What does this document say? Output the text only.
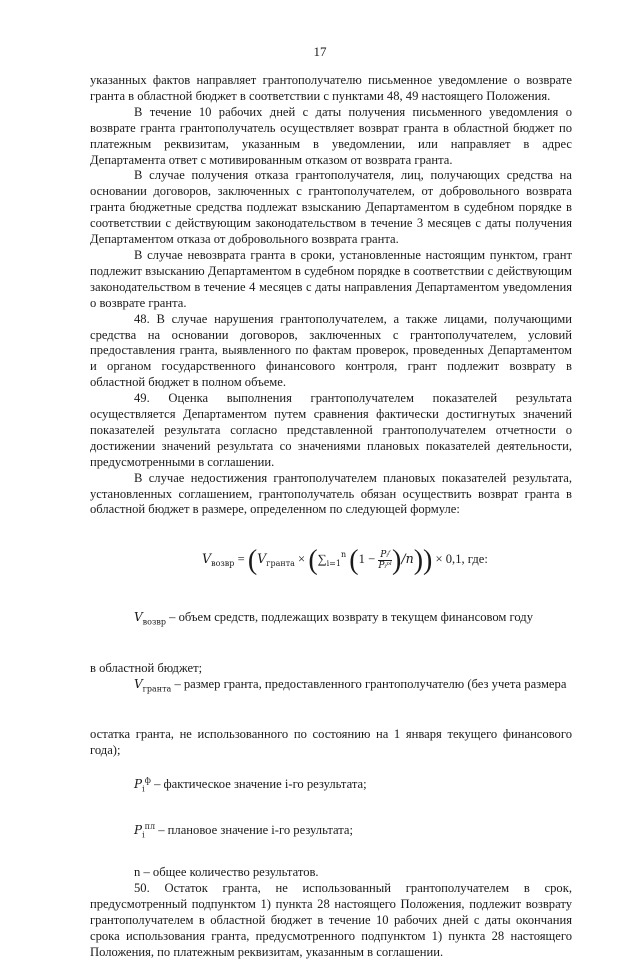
17

указанных фактов направляет грантополучателю письменное уведомление о возврате гранта в областной бюджет в соответствии с пунктами 48, 49 настоящего Положения.

В течение 10 рабочих дней с даты получения письменного уведомления о возврате гранта грантополучатель осуществляет возврат гранта в областной бюджет по платежным реквизитам, указанным в уведомлении, или направляет в адрес Департамента ответ с мотивированным отказом от возврата гранта.

В случае получения отказа грантополучателя, лиц, получающих средства на основании договоров, заключенных с грантополучателем, от добровольного возврата гранта бюджетные средства подлежат взысканию Департаментом в судебном порядке в соответствии с действующим законодательством в течение 3 месяцев с даты получения Департаментом отказа от добровольного возврата гранта.

В случае невозврата гранта в сроки, установленные настоящим пунктом, грант подлежит взысканию Департаментом в судебном порядке в соответствии с действующим законодательством в течение 4 месяцев с даты направления Департаментом уведомления о возврате гранта.

48. В случае нарушения грантополучателем, а также лицами, получающими средства на основании договоров, заключенных с грантополучателем, условий предоставления гранта, выявленного по фактам проверок, проведенных Департаментом и органом государственного финансового контроля, грант подлежит возврату в областной бюджет в полном объеме.

49. Оценка выполнения грантополучателем показателей результата осуществляется Департаментом путем сравнения фактически достигнутых значений показателей результата согласно представленной грантополучателем отчетности о достижении значений результата со значениями плановых показателей деятельности, предусмотренными в соглашении.

В случае недостижения грантополучателем плановых показателей результата, установленных соглашением, грантополучатель обязан осуществить возврат гранта в областной бюджет в размере, определенном по следующей формуле:

$V_{возвр} = (V_{гранта} \times (\sum_{i=1}^n$ $(1 - \frac{\text{Pᵢᶠ}}{\text{Pᵢᵖˡ}} )/n)) \times 0,1$, где:

$V_{возвр}$ – объем средств, подлежащих возврату в текущем финансовом году

в областной бюджет;

$V_{гранта}$ – размер гранта, предоставленного грантополучателю (без учета размера

остатка гранта, не использованного по состоянию на 1 января текущего финансового года);

$P_i^ф$ – фактическое значение i-го результата;

$P_i^{пл}$ – плановое значение i-го результата;

n – общее количество результатов.

50. Остаток гранта, не использованный грантополучателем в срок, предусмотренный подпунктом 1) пункта 28 настоящего Положения, подлежит возврату грантополучателем в областной бюджет в течение 10 рабочих дней с даты окончания срока использования гранта, предусмотренного подпунктом 1) пункта 28 настоящего Положения, по платежным реквизитам, указанным в соглашении.
